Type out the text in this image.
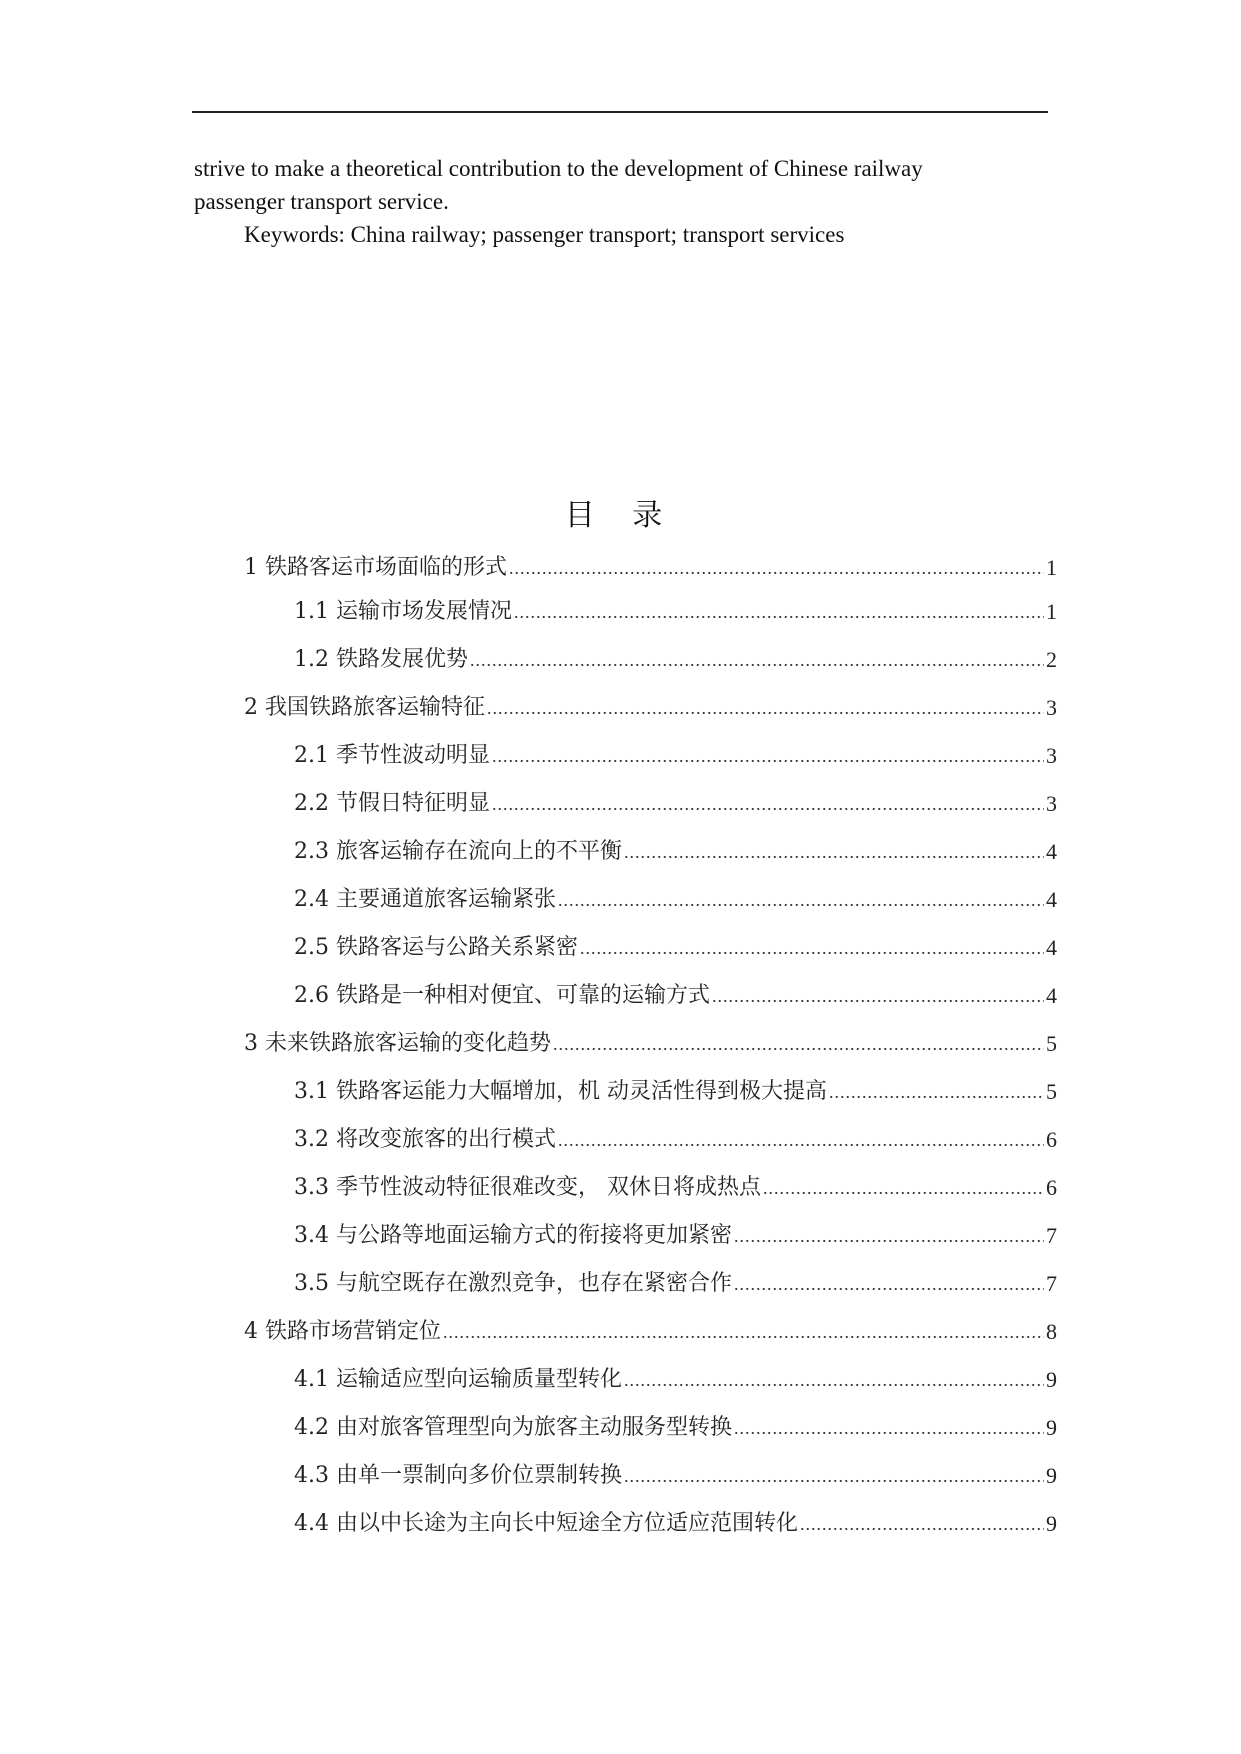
strive to make a theoretical contribution to the development of Chinese railway

passenger transport service.

Keywords: China railway; passenger transport; transport services

目 录
1 铁路客运市场面临的形式 .....	1
1.1 运输市场发展情况 .....	1
1.2 铁路发展优势 .....	2
2 我国铁路旅客运输特征 .....	3
2.1 季节性波动明显 .....	3
2.2 节假日特征明显 .....	3
2.3 旅客运输存在流向上的不平衡 .....	4
2.4 主要通道旅客运输紧张 .....	4
2.5 铁路客运与公路关系紧密 .....	4
2.6 铁路是一种相对便宜、可靠的运输方式 .....	4
3 未来铁路旅客运输的变化趋势 .....	5
3.1 铁路客运能力大幅增加，机 动灵活性得到极大提高 .....	5
3.2 将改变旅客的出行模式 .....	6
3.3 季节性波动特征很难改变， 双休日将成热点 .....	6
3.4 与公路等地面运输方式的衔接将更加紧密 .....	7
3.5 与航空既存在激烈竞争，也存在紧密合作 .....	7
4 铁路市场营销定位 .....	8
4.1 运输适应型向运输质量型转化 .....	9
4.2 由对旅客管理型向为旅客主动服务型转换 .....	9
4.3 由单一票制向多价位票制转换 .....	9
4.4 由以中长途为主向长中短途全方位适应范围转化 .....	9
